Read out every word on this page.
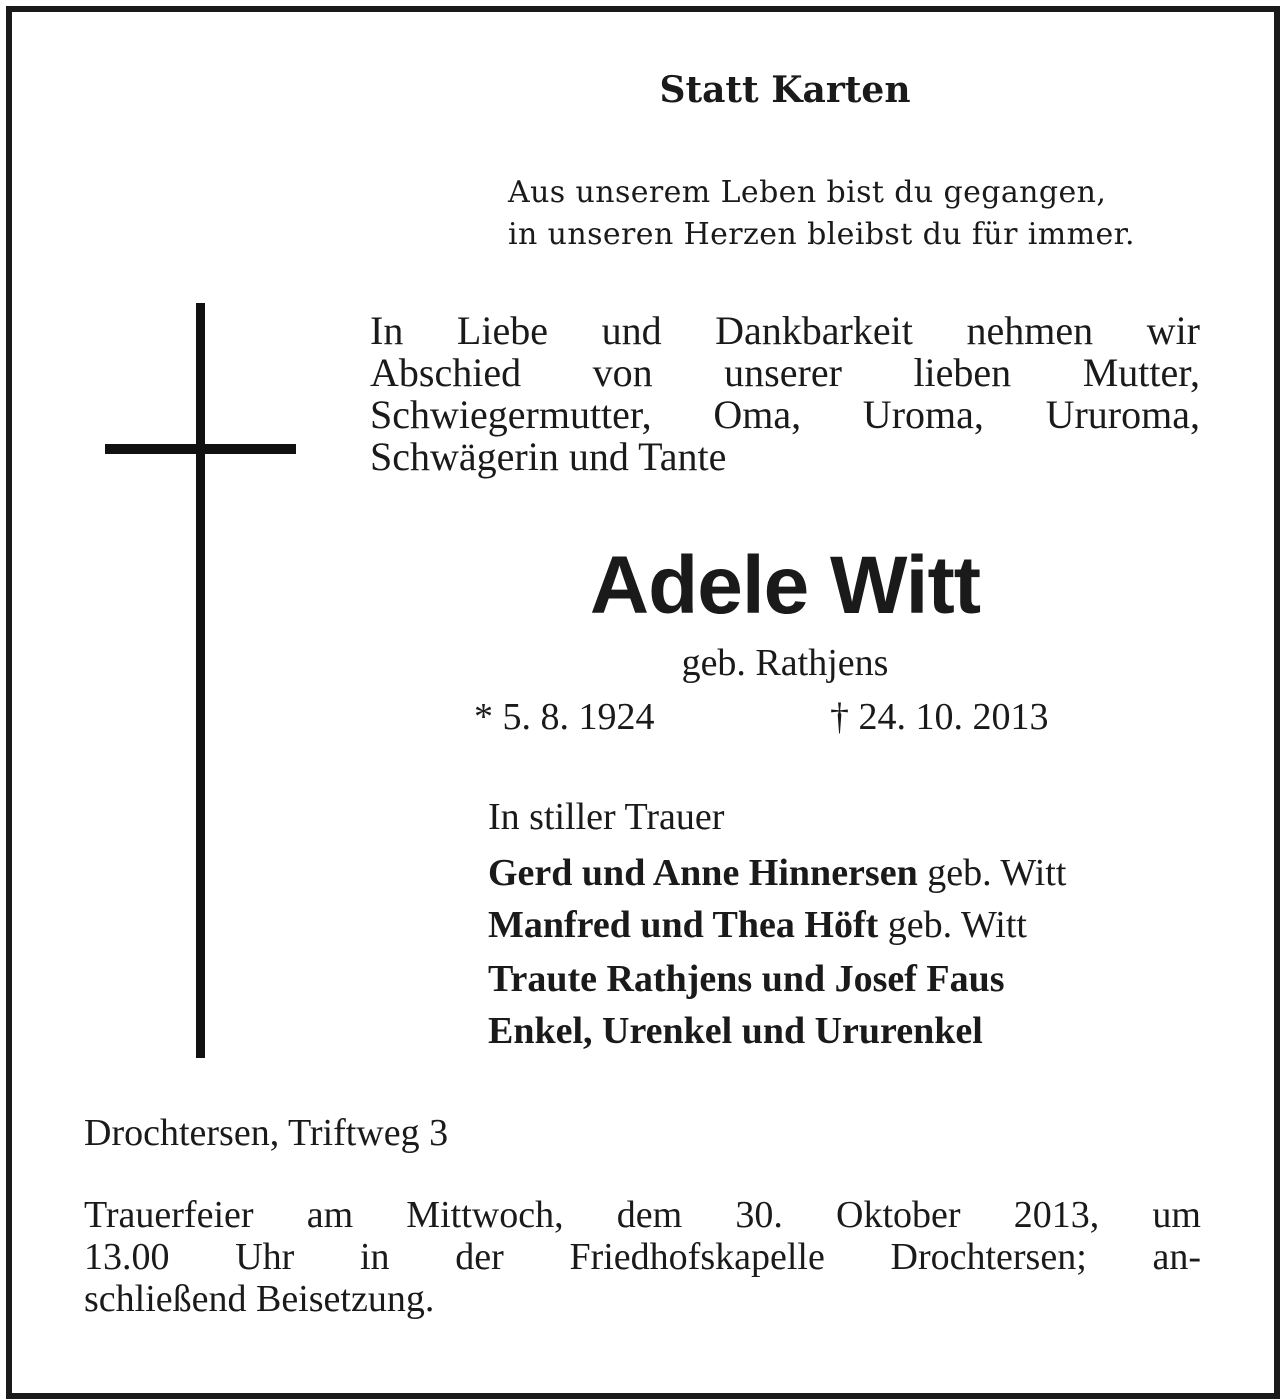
Statt Karten
Aus unserem Leben bist du gegangen,
in unseren Herzen bleibst du für immer.
In Liebe und Dankbarkeit nehmen wir
Abschied von unserer lieben Mutter,
Schwiegermutter, Oma, Uroma, Ururoma,
Schwägerin und Tante
Adele Witt
geb. Rathjens
* 5. 8. 1924	† 24. 10. 2013
In stiller Trauer
Gerd und Anne Hinnersen geb. Witt
Manfred und Thea Höft geb. Witt
Traute Rathjens und Josef Faus
Enkel, Urenkel und Ururenkel
Drochtersen, Triftweg 3
Trauerfeier am Mittwoch, dem 30. Oktober 2013, um
13.00 Uhr in der Friedhofskapelle Drochtersen; an-
schließend Beisetzung.
